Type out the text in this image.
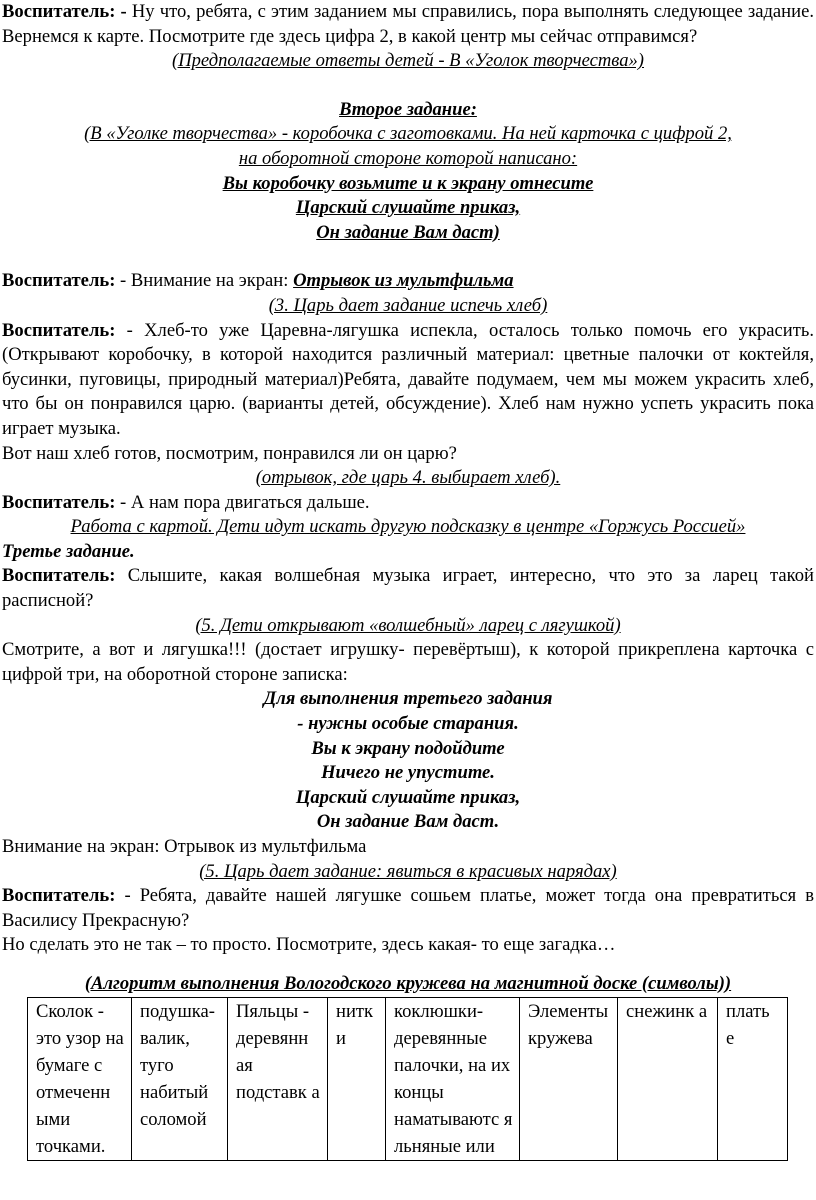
Воспитатель: - Ну что, ребята, с этим заданием мы справились, пора выполнять следующее задание. Вернемся к карте. Посмотрите где здесь цифра 2, в какой центр мы сейчас отправимся?

(Предполагаемые ответы детей - В «Уголок творчества»)

Второе задание:

(В «Уголке творчества» - коробочка с заготовками. На ней карточка с цифрой 2,

на оборотной стороне которой написано:

Вы коробочку возьмите и к экрану отнесите

Царский слушайте приказ,

Он задание Вам даст)

Воспитатель: - Внимание на экран: Отрывок из мультфильма

(3. Царь дает задание испечь хлеб)

Воспитатель: - Хлеб-то уже Царевна-лягушка испекла, осталось только помочь его украсить. (Открывают коробочку, в которой находится различный материал: цветные палочки от коктейля, бусинки, пуговицы, природный материал)Ребята, давайте подумаем, чем мы можем украсить хлеб, что бы он понравился царю. (варианты детей, обсуждение). Хлеб нам нужно успеть украсить пока играет музыка.

Вот наш хлеб готов, посмотрим, понравился ли он царю?

(отрывок, где царь 4. выбирает хлеб).

Воспитатель: - А нам пора двигаться дальше.

Работа с картой. Дети идут искать другую подсказку в центре «Горжусь Россией»

Третье задание.

Воспитатель: Слышите, какая волшебная музыка играет, интересно, что это за ларец такой расписной?

(5. Дети открывают «волшебный» ларец с лягушкой)

Смотрите, а вот и лягушка!!! (достает игрушку- перевёртыш), к которой прикреплена карточка с цифрой три, на оборотной стороне записка:

Для выполнения третьего задания

- нужны особые старания.

Вы к экрану подойдите

Ничего не упустите.

Царский слушайте приказ,

Он задание Вам даст.

Внимание на экран: Отрывок из мультфильма

(5. Царь дает задание: явиться в красивых нарядах)

Воспитатель: - Ребята, давайте нашей лягушке сошьем платье, может тогда она превратиться в Василису Прекрасную?

Но сделать это не так – то просто. Посмотрите, здесь какая- то еще загадка…

(Алгоритм выполнения Вологодского кружева на магнитной доске (символы))

Сколок - это узор на бумаге с отмеченн ыми точками.	подушка-валик, туго набитый соломой	Пяльцы - деревянн ая подставк а	нитк и	коклюшки-деревянные палочки, на их концы наматываютс я льняные или	Элементы кружева	снежинк а	плать е
